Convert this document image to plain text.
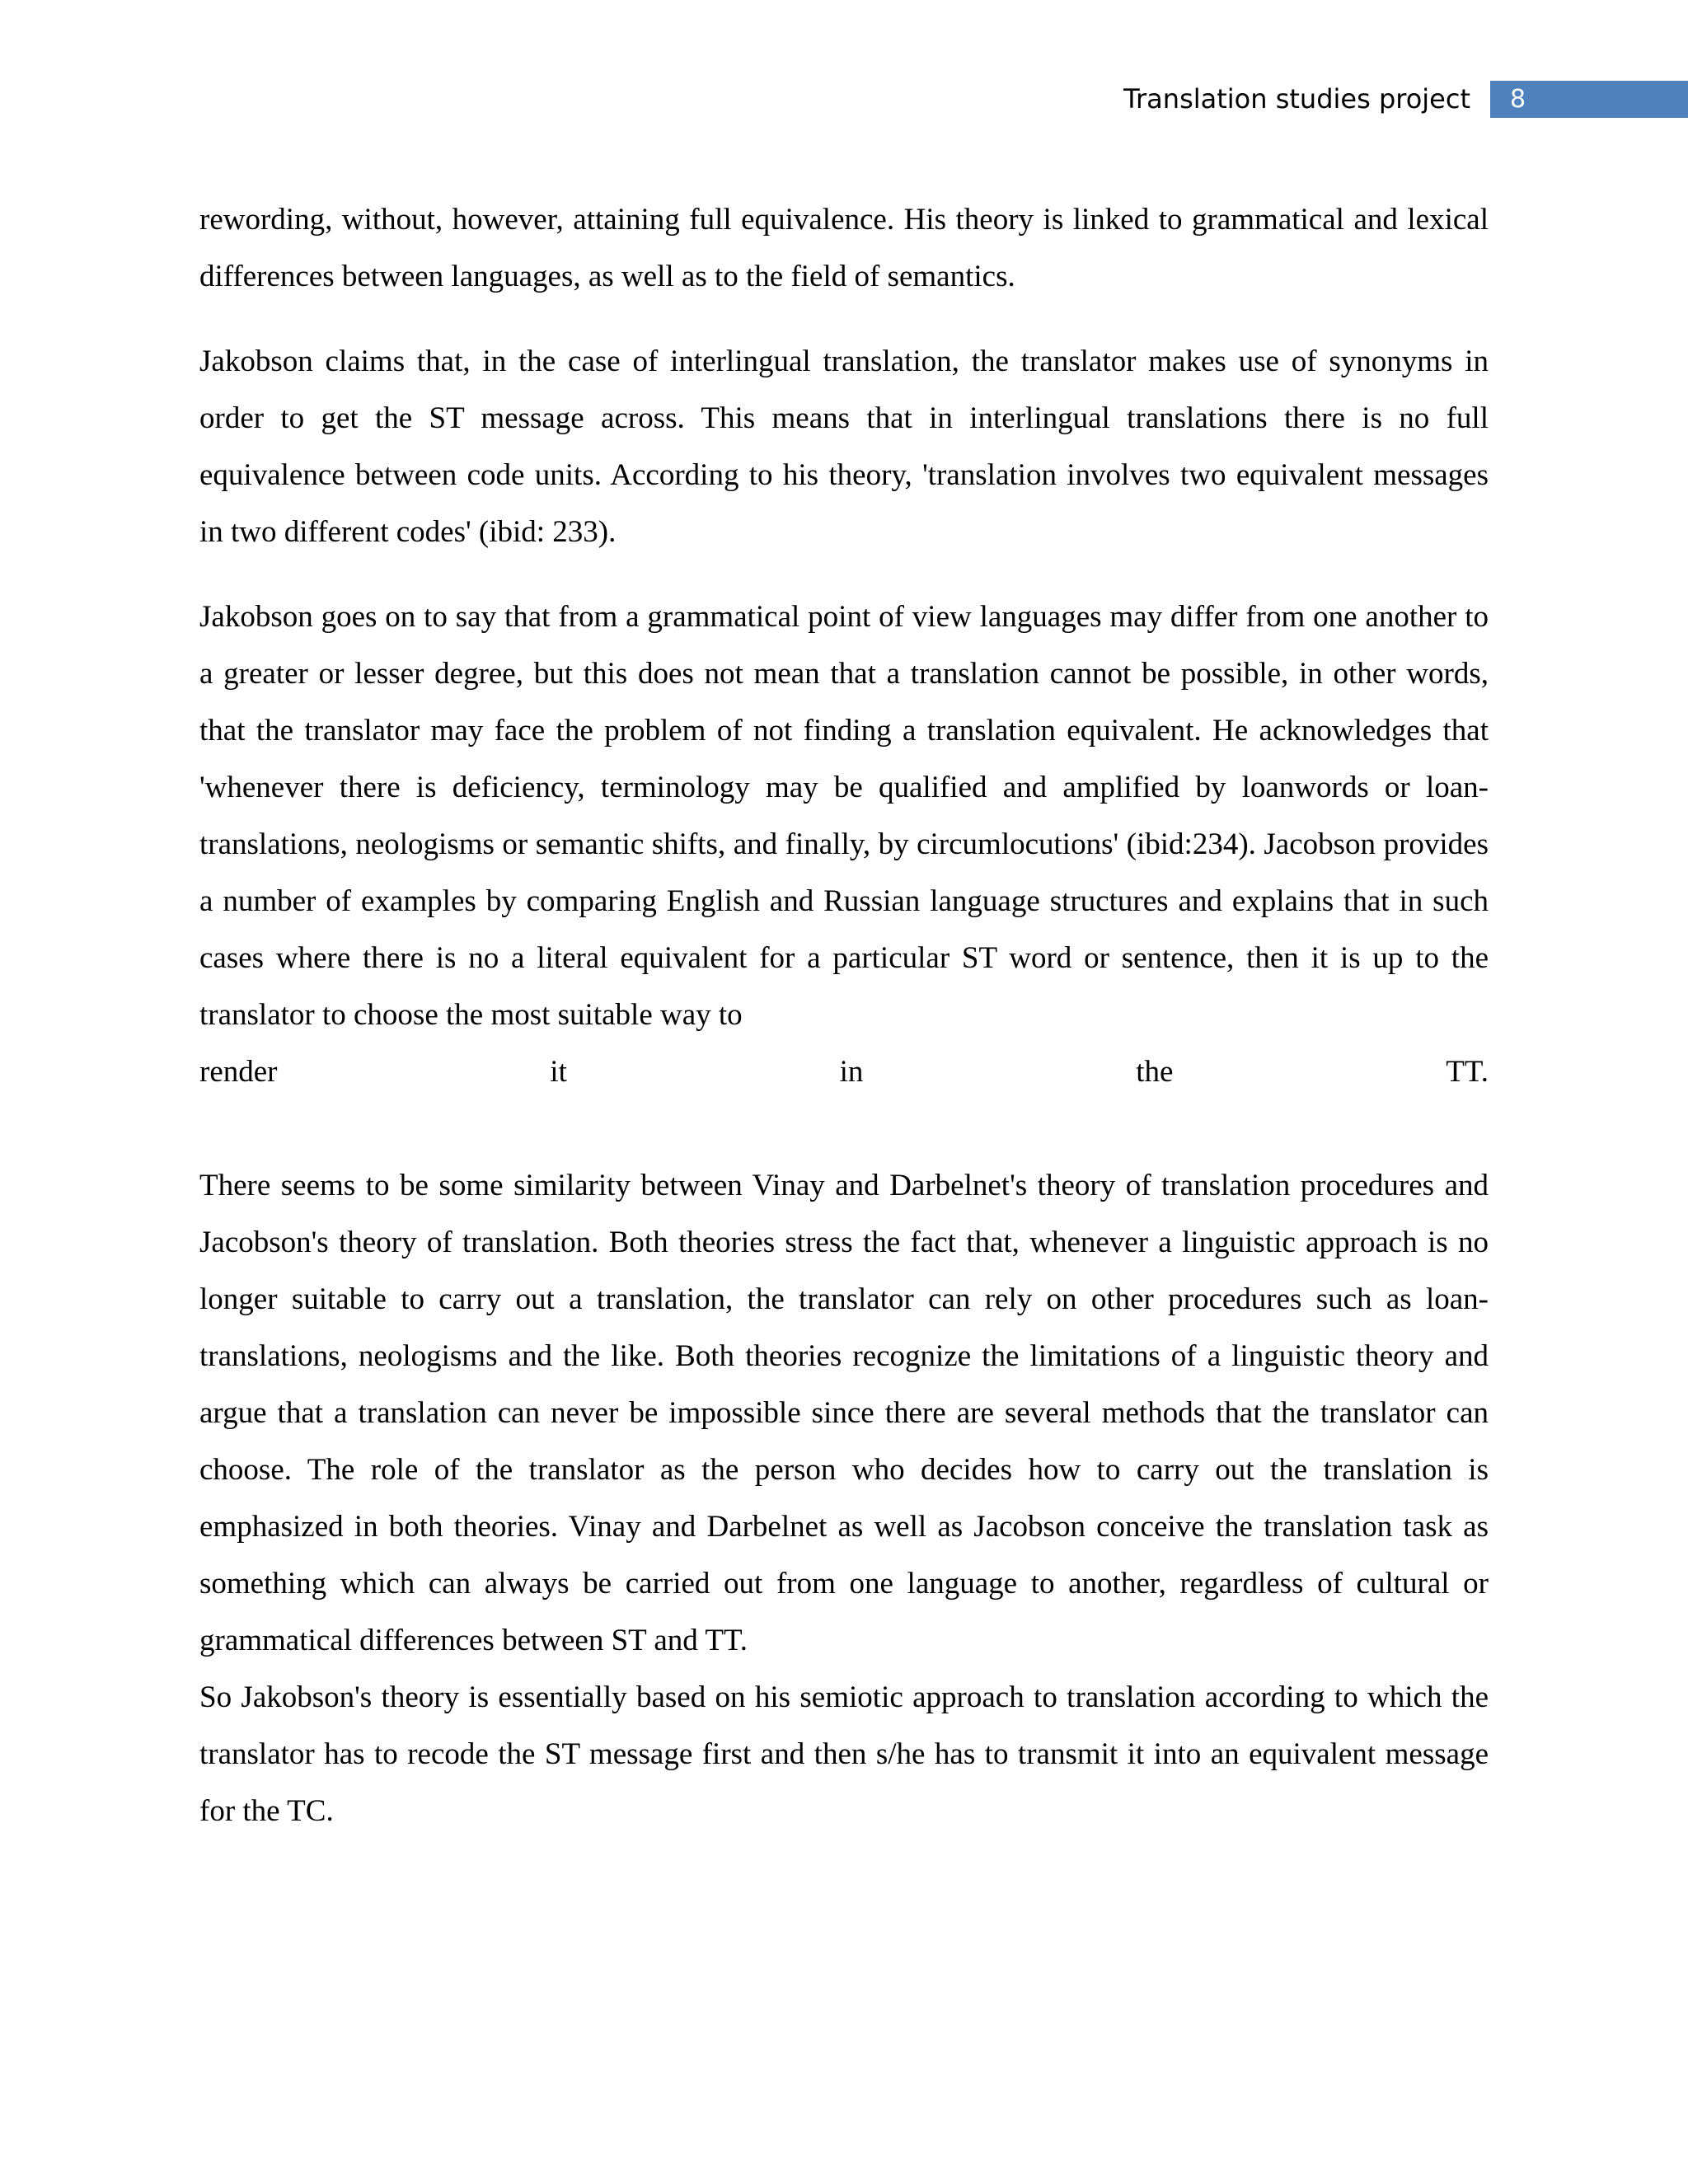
Translation studies project	8

rewording, without, however, attaining full equivalence. His theory is linked to grammatical and lexical differences between languages, as well as to the field of semantics.

Jakobson claims that, in the case of interlingual translation, the translator makes use of synonyms in order to get the ST message across. This means that in interlingual translations there is no full equivalence between code units. According to his theory, 'translation involves two equivalent messages in two different codes' (ibid: 233).

Jakobson goes on to say that from a grammatical point of view languages may differ from one another to a greater or lesser degree, but this does not mean that a translation cannot be possible, in other words, that the translator may face the problem of not finding a translation equivalent. He acknowledges that 'whenever there is deficiency, terminology may be qualified and amplified by loanwords or loan-translations, neologisms or semantic shifts, and finally, by circumlocutions' (ibid:234). Jacobson provides a number of examples by comparing English and Russian language structures and explains that in such cases where there is no a literal equivalent for a particular ST word or sentence, then it is up to the translator to choose the most suitable way to

render	it	in	the	TT.

There seems to be some similarity between Vinay and Darbelnet's theory of translation procedures and Jacobson's theory of translation. Both theories stress the fact that, whenever a linguistic approach is no longer suitable to carry out a translation, the translator can rely on other procedures such as loan-translations, neologisms and the like. Both theories recognize the limitations of a linguistic theory and argue that a translation can never be impossible since there are several methods that the translator can choose. The role of the translator as the person who decides how to carry out the translation is emphasized in both theories. Vinay and Darbelnet as well as Jacobson conceive the translation task as something which can always be carried out from one language to another, regardless of cultural or grammatical differences between ST and TT.

So Jakobson's theory is essentially based on his semiotic approach to translation according to which the translator has to recode the ST message first and then s/he has to transmit it into an equivalent message for the TC.
